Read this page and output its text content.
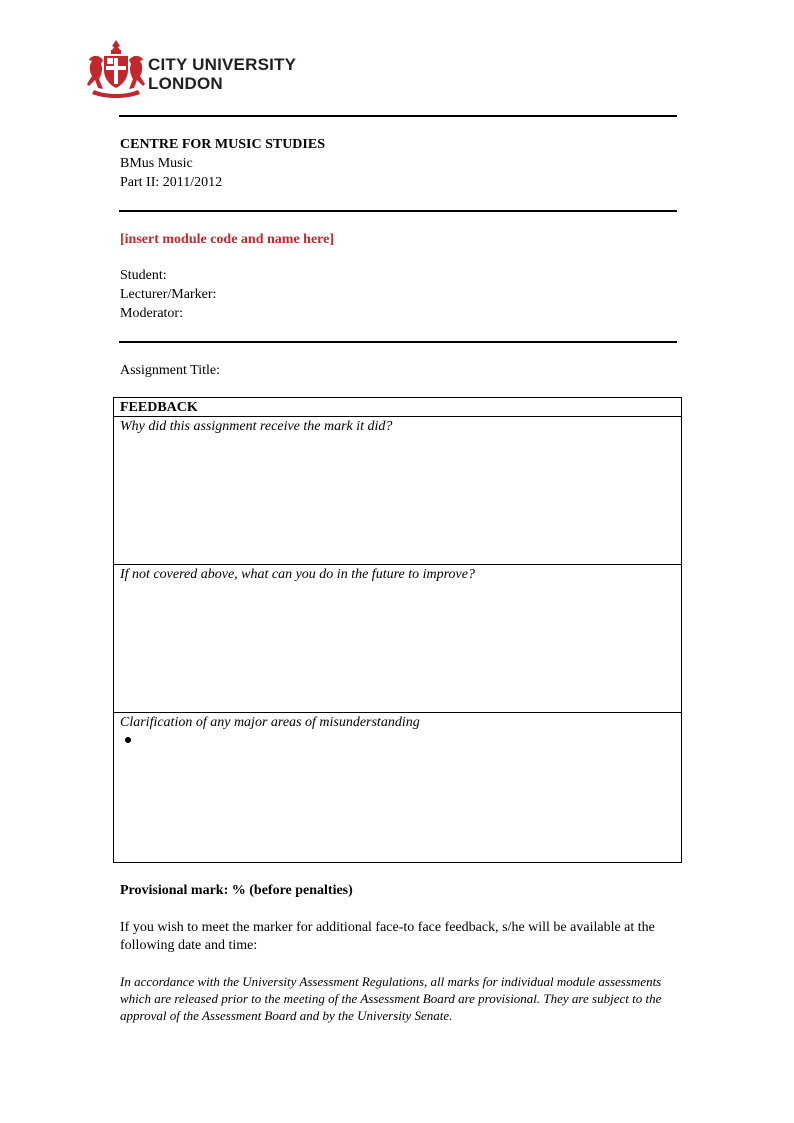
CITY UNIVERSITY
LONDON
CENTRE FOR MUSIC STUDIES
BMus Music
Part II: 2011/2012
[insert module code and name here]
Student:
Lecturer/Marker:
Moderator:
Assignment Title:
FEEDBACK
Why did this assignment receive the mark it did?
If not covered above, what can you do in the future to improve?
Clarification of any major areas of misunderstanding
Provisional mark: % (before penalties)
If you wish to meet the marker for additional face-to face feedback, s/he will be available at the following date and time:
In accordance with the University Assessment Regulations, all marks for individual module assessments which are released prior to the meeting of the Assessment Board are provisional. They are subject to the approval of the Assessment Board and by the University Senate.
